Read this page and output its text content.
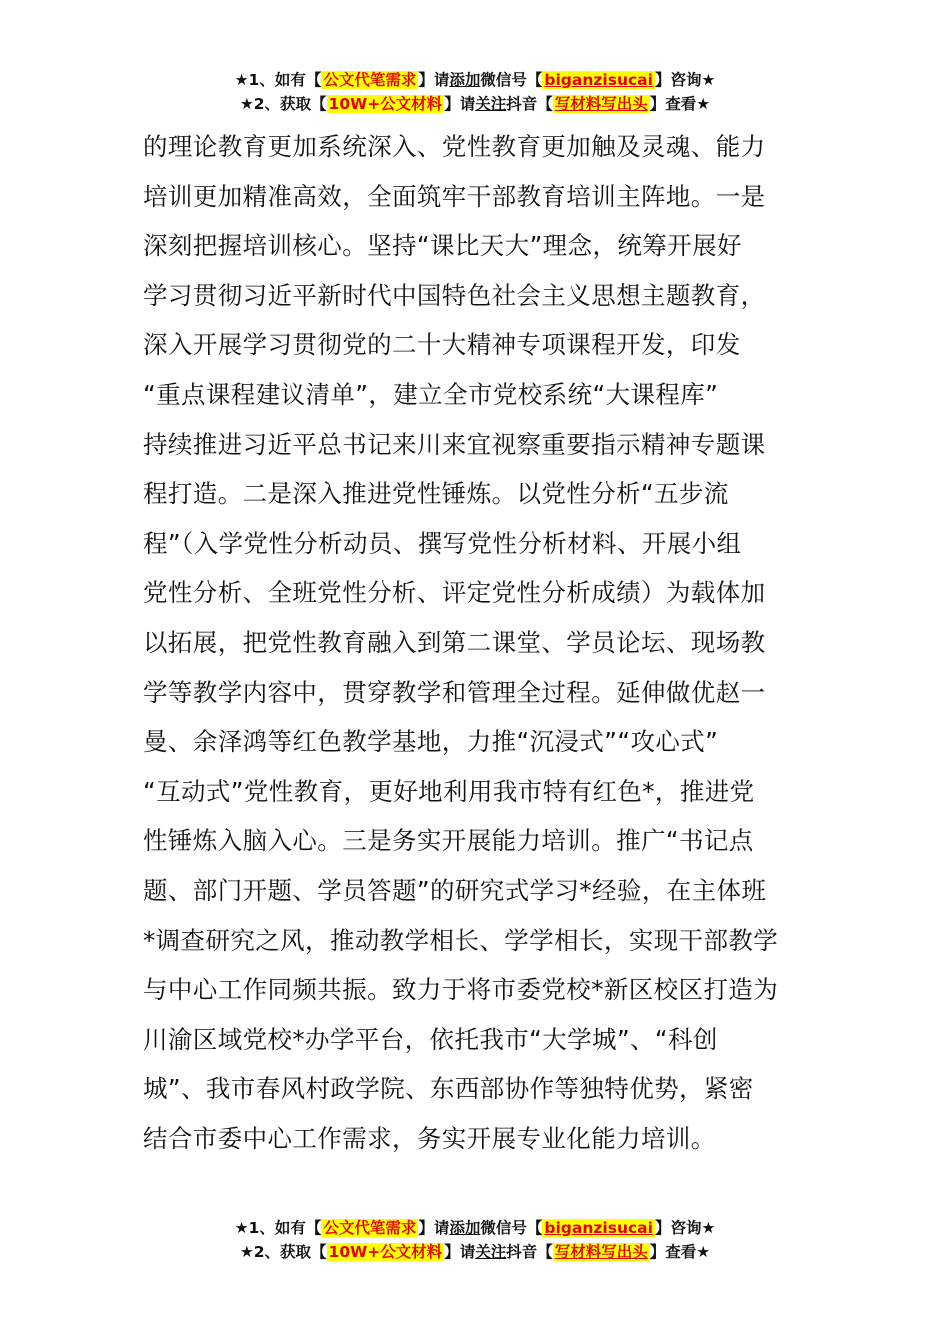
★1、如有【 公文代笔需求 】请添加微信号【 biganzisucai 】咨询★
★2、获取【 10W+公文材料 】请关注抖音【 写材料写出头 】查看★
的理论教育更加系统深入、党性教育更加触及灵魂、能力
培训更加精准高效，全面筑牢干部教育培训主阵地。一是
深刻把握培训核心。坚持“课比天大”理念，统筹开展好
学习贯彻习近平新时代中国特色社会主义思想主题教育，
深入开展学习贯彻党的二十大精神专项课程开发，印发
“重点课程建议清单”，建立全市党校系统“大课程库”
持续推进习近平总书记来川来宜视察重要指示精神专题课
程打造。二是深入推进党性锤炼。以党性分析“五步流
程”（入学党性分析动员、撰写党性分析材料、开展小组
党性分析、全班党性分析、评定党性分析成绩）为载体加
以拓展，把党性教育融入到第二课堂、学员论坛、现场教
学等教学内容中，贯穿教学和管理全过程。延伸做优赵一
曼、余泽鸿等红色教学基地，力推“沉浸式”“攻心式”
“互动式”党性教育，更好地利用我市特有红色*，推进党
性锤炼入脑入心。三是务实开展能力培训。推广“书记点
题、部门开题、学员答题”的研究式学习*经验，在主体班
*调查研究之风，推动教学相长、学学相长，实现干部教学
与中心工作同频共振。致力于将市委党校*新区校区打造为
川渝区域党校*办学平台，依托我市“大学城”、“科创
城”、我市春风村政学院、东西部协作等独特优势，紧密
结合市委中心工作需求，务实开展专业化能力培训。
★1、如有【 公文代笔需求 】请添加微信号【 biganzisucai 】咨询★
★2、获取【 10W+公文材料 】请关注抖音【 写材料写出头 】查看★
